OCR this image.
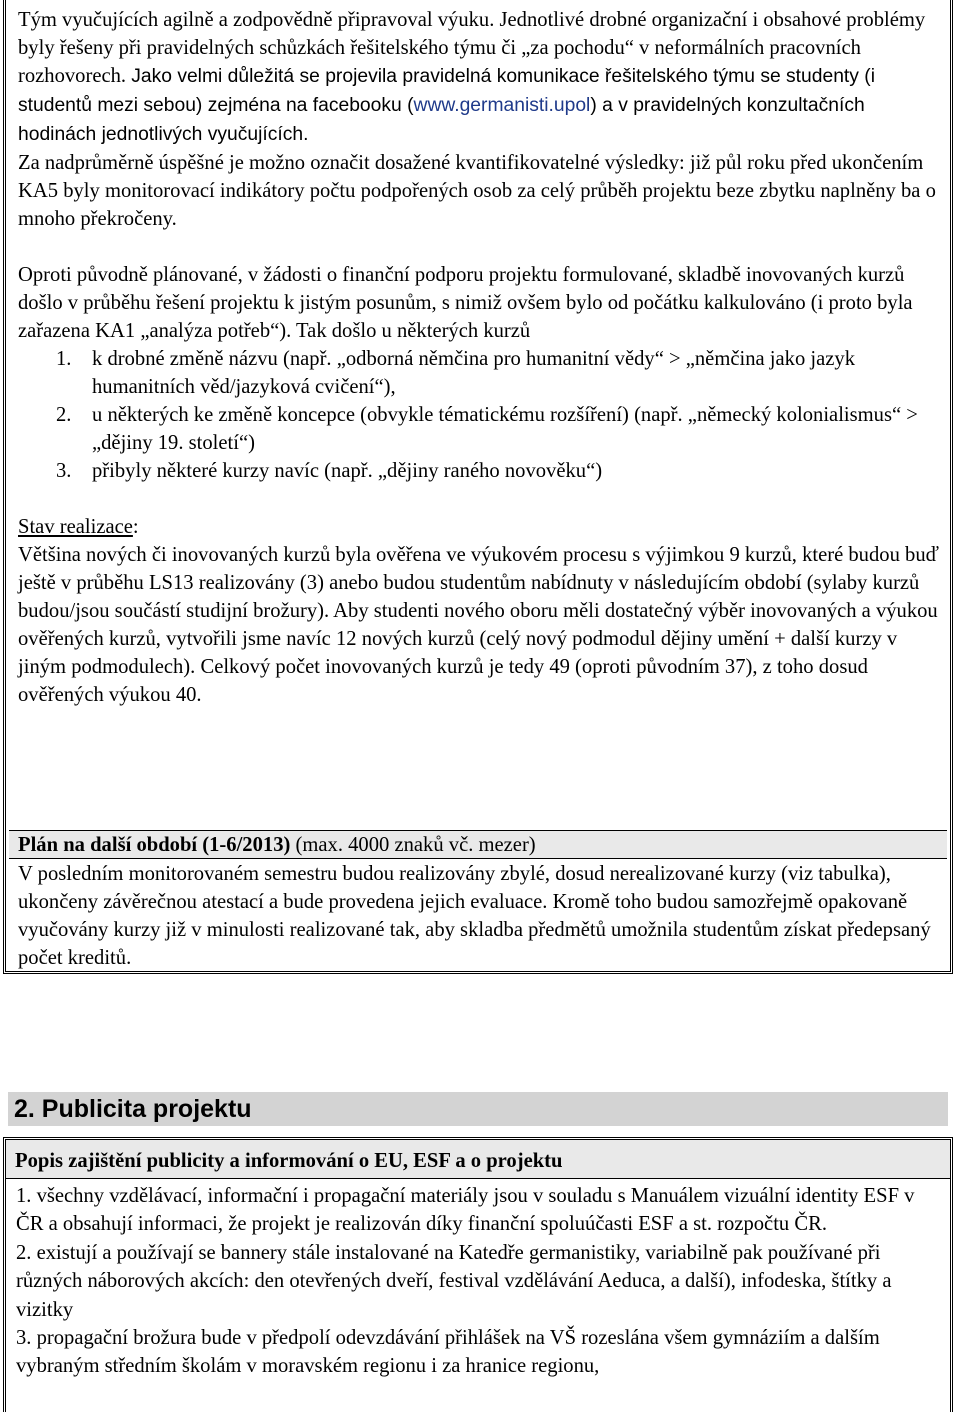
Tým vyučujících agilně a zodpovědně připravoval výuku. Jednotlivé drobné organizační i obsahové problémy byly řešeny při pravidelných schůzkách řešitelského týmu či „za pochodu“ v neformálních pracovních rozhovorech. Jako velmi důležitá se projevila pravidelná komunikace řešitelského týmu se studenty (i studentů mezi sebou) zejména na facebooku (www.germanisti.upol) a v pravidelných konzultačních hodinách jednotlivých vyučujících.

Za nadprůměrně úspěšné je možno označit dosažené kvantifikovatelné výsledky: již půl roku před ukončením KA5 byly monitorovací indikátory počtu podpořených osob za celý průběh projektu beze zbytku naplněny ba o mnoho překročeny.

Oproti původně plánované, v žádosti o finanční podporu projektu formulované, skladbě inovovaných kurzů došlo v průběhu řešení projektu k jistým posunům, s nimiž ovšem bylo od počátku kalkulováno (i proto byla zařazena KA1 „analýza potřeb“). Tak došlo u některých kurzů

1. k drobné změně názvu (např. „odborná němčina pro humanitní vědy“ > „němčina jako jazyk humanitních věd/jazyková cvičení“),
2. u některých ke změně koncepce (obvykle tématickému rozšíření) (např. „německý kolonialismus“ > „dějiny 19. století“)
3. přibyly některé kurzy navíc (např. „dějiny raného novověku“)

Stav realizace:

Většina nových či inovovaných kurzů byla ověřena ve výukovém procesu s výjimkou 9 kurzů, které budou buď ještě v průběhu LS13 realizovány (3) anebo budou studentům nabídnuty v následujícím období (sylaby kurzů budou/jsou součástí studijní brožury). Aby studenti nového oboru měli dostatečný výběr inovovaných a výukou ověřených kurzů, vytvořili jsme navíc 12 nových kurzů (celý nový podmodul dějiny umění + další kurzy v jiným podmodulech). Celkový počet inovovaných kurzů je tedy 49 (oproti původním 37), z toho dosud ověřených výukou 40.

Plán na další období (1-6/2013) (max. 4000 znaků vč. mezer)

V posledním monitorovaném semestru budou realizovány zbylé, dosud nerealizované kurzy (viz tabulka), ukončeny závěrečnou atestací a bude provedena jejich evaluace. Kromě toho budou samozřejmě opakovaně vyučovány kurzy již v minulosti realizované tak, aby skladba předmětů umožnila studentům získat předepsaný počet kreditů.

2. Publicita projektu
Popis zajištění publicity a informování o EU, ESF a o projektu

1. všechny vzdělávací, informační i propagační materiály jsou v souladu s Manuálem vizuální identity ESF v ČR a obsahují informaci, že projekt je realizován díky finanční spoluúčasti ESF a st. rozpočtu ČR.

2. existují a používají se bannery stále instalované na Katedře germanistiky, variabilně pak používané při různých náborových akcích: den otevřených dveří, festival vzdělávání Aeduca, a další), infodeska, štítky a vizitky

3. propagační brožura bude v předpolí odevzdávání přihlášek na VŠ rozeslána všem gymnáziím a dalším vybraným středním školám v moravském regionu i za hranice regionu,
